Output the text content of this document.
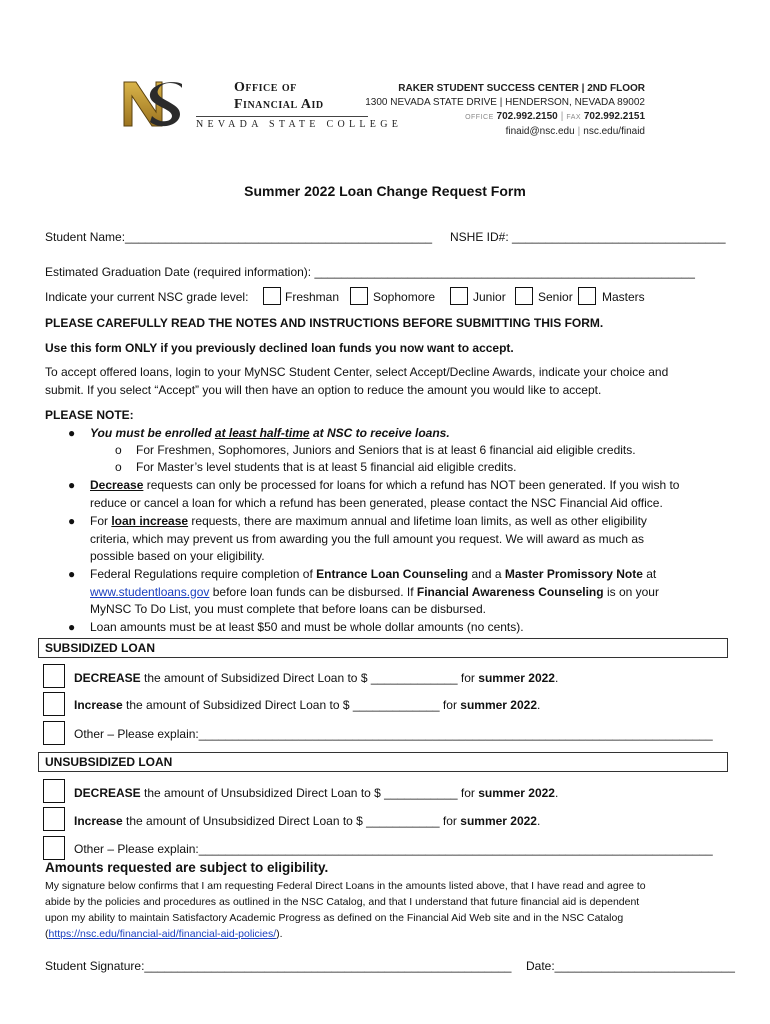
Office of
Financial Aid
NEVADA STATE COLLEGE
RAKER STUDENT SUCCESS CENTER | 2ND FLOOR
1300 NEVADA STATE DRIVE | HENDERSON, NEVADA 89002
OFFICE 702.992.2150 | FAX 702.992.2151
finaid@nsc.edu | nsc.edu/finaid
Summer 2022 Loan Change Request Form
Student Name:______________________________________________ NSHE ID#: ________________________________
Estimated Graduation Date (required information): _________________________________________________________
Indicate your current NSC grade level:	Freshman	Sophomore	Junior	Senior Masters
PLEASE CAREFULLY READ THE NOTES AND INSTRUCTIONS BEFORE SUBMITTING THIS FORM.
Use this form ONLY if you previously declined loan funds you now want to accept.
To accept offered loans, login to your MyNSC Student Center, select Accept/Decline Awards, indicate your choice and
submit. If you select “Accept” you will then have an option to reduce the amount you would like to accept.
PLEASE NOTE:
● You must be enrolled at least half-time at NSC to receive loans.
o For Freshmen, Sophomores, Juniors and Seniors that is at least 6 financial aid eligible credits.
o For Master’s level students that is at least 5 financial aid eligible credits.
● Decrease requests can only be processed for loans for which a refund has NOT been generated. If you wish to
reduce or cancel a loan for which a refund has been generated, please contact the NSC Financial Aid office.
● For loan increase requests, there are maximum annual and lifetime loan limits, as well as other eligibility
criteria, which may prevent us from awarding you the full amount you request. We will award as much as
possible based on your eligibility.
● Federal Regulations require completion of Entrance Loan Counseling and a Master Promissory Note at
www.studentloans.gov before loan funds can be disbursed. If Financial Awareness Counseling is on your
MyNSC To Do List, you must complete that before loans can be disbursed.
● Loan amounts must be at least $50 and must be whole dollar amounts (no cents).
SUBSIDIZED LOAN
DECREASE the amount of Subsidized Direct Loan to $ _____________ for summer 2022.
Increase the amount of Subsidized Direct Loan to $ _____________ for summer 2022.
Other – Please explain:_____________________________________________________________________________
UNSUBSIDIZED LOAN
DECREASE the amount of Unsubsidized Direct Loan to $ ___________ for summer 2022.
Increase the amount of Unsubsidized Direct Loan to $ ___________ for summer 2022.
Other – Please explain:_____________________________________________________________________________
Amounts requested are subject to eligibility.
My signature below confirms that I am requesting Federal Direct Loans in the amounts listed above, that I have read and agree to
abide by the policies and procedures as outlined in the NSC Catalog, and that I understand that future financial aid is dependent
upon my ability to maintain Satisfactory Academic Progress as defined on the Financial Aid Web site and in the NSC Catalog
(https://nsc.edu/financial-aid/financial-aid-policies/).
Student Signature:_______________________________________________________ Date:___________________________
